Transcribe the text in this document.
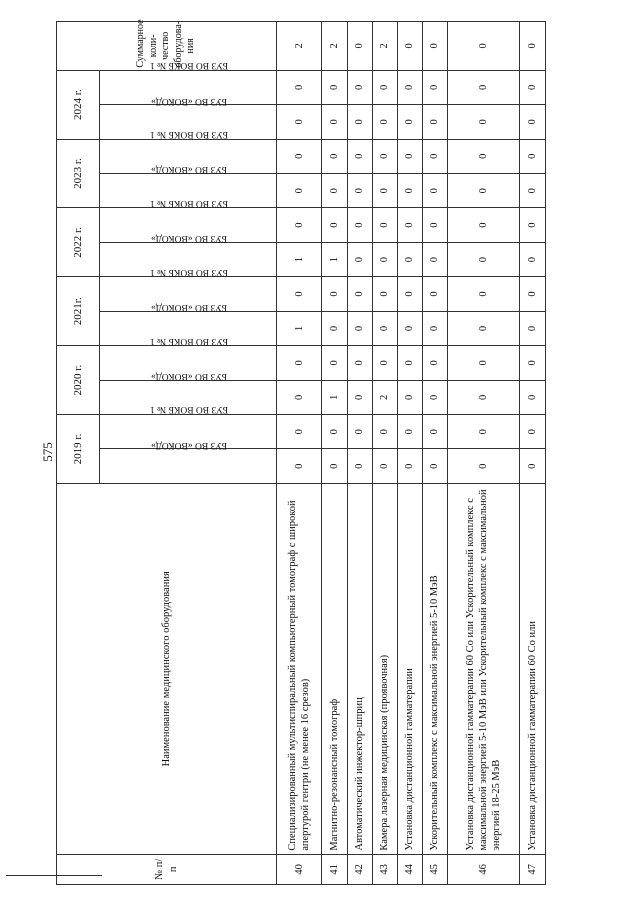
575
№ п/п	Наименование медицинского оборудования	2019 г.		2020 г.		2021г.		2022 г.		2023 г.		2024 г.		Суммарное коли-чество оборудова-ния
		БУЗ ВО «ВОКОД»	БУЗ ВО ВОКБ № 1	БУЗ ВО «ВОКОД»	БУЗ ВО ВОКБ № 1	БУЗ ВО «ВОКОД»	БУЗ ВО ВОКБ № 1	БУЗ ВО «ВОКОД»	БУЗ ВО ВОКБ № 1	БУЗ ВО «ВОКОД»	БУЗ ВО ВОКБ № 1	БУЗ ВО «ВОКОД»	БУЗ ВО ВОКБ № 1	
40	Специализированный мультиспиральный компьютерный томограф с широкой апертурой гентри (не менее 16 срезов)	0	0	0	0	1	0	1	0	0	0	0	0	2
41	Магнитно-резонансный томограф	0	0	1	0	0	0	1	0	0	0	0	0	2
42	Автоматический инжектор-шприц	0	0	0	0	0	0	0	0	0	0	0	0	0
43	Камера лазерная медицинская (проявочная)	0	0	2	0	0	0	0	0	0	0	0	0	2
44	Установка дистанционной гамматерапии	0	0	0	0	0	0	0	0	0	0	0	0	0
45	Ускорительный комплекс с максимальной энергией 5-10 МэВ	0	0	0	0	0	0	0	0	0	0	0	0	0
46	Установка дистанционной гамматерапии 60 Со или Ускорительный комплекс с максимальной энергией 5-10 МэВ или Ускорительный комплекс с максимальной энергией 18-25 МэВ	0	0	0	0	0	0	0	0	0	0	0	0	0
47	Установка дистанционной гамматерапии 60 Со или	0	0	0	0	0	0	0	0	0	0	0	0	0
